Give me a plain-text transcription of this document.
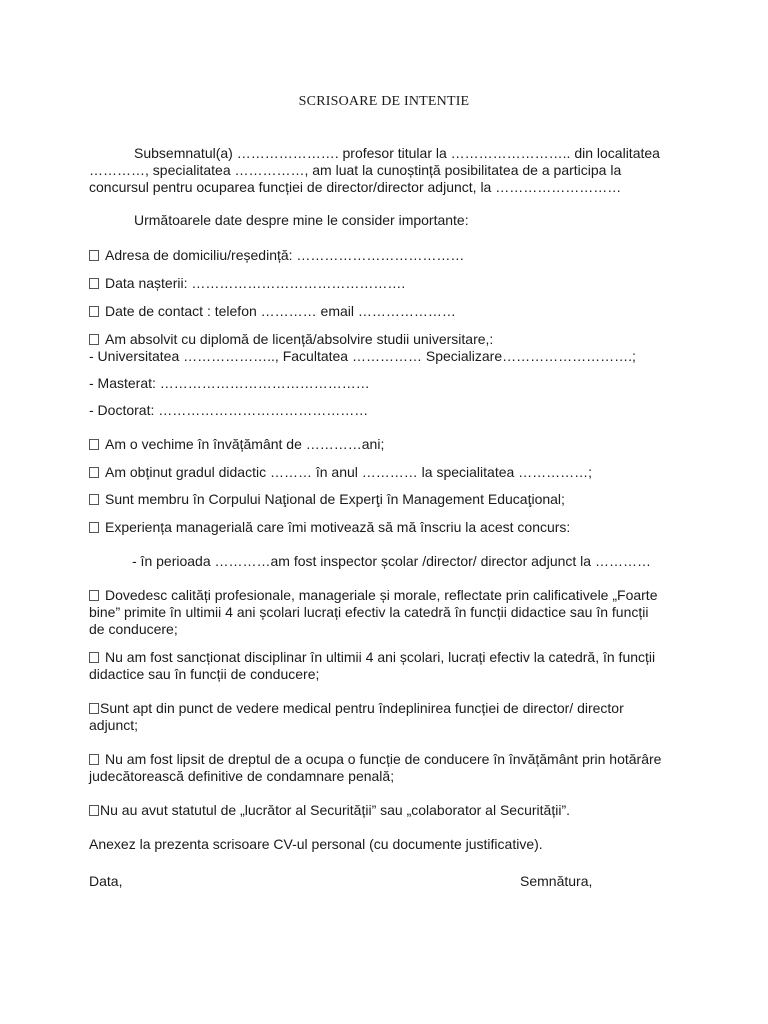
SCRISOARE DE INTENTIE
Subsemnatul(a) …………………. profesor titular la …………………….. din localitatea
…………, specialitatea ……………, am luat la cunoștință posibilitatea de a participa la
concursul pentru ocuparea funcției de director/director adjunct, la ………………………
Următoarele date despre mine le consider importante:
Adresa de domiciliu/reședință: ………………………………
Data nașterii: ……………………………………….
Date de contact : telefon ………… email …………………
Am absolvit cu diplomă de licență/absolvire studii universitare,:
- Universitatea ……………….., Facultatea …………… Specializare……………………….;
- Masterat: ………………………………………
- Doctorat: ………………………………………
Am o vechime în învățământ de …………ani;
Am obținut gradul didactic ……… în anul ………… la specialitatea ……………;
Sunt membru în Corpului Naţional de Experţi în Management Educaţional;
Experiența managerială care îmi motivează să mă înscriu la acest concurs:
- în perioada …………am fost inspector școlar /director/ director adjunct la …………
Dovedesc calități profesionale, manageriale și morale, reflectate prin calificativele „Foarte
bine” primite în ultimii 4 ani școlari lucrați efectiv la catedră în funcții didactice sau în funcții
de conducere;
Nu am fost sancționat disciplinar în ultimii 4 ani școlari, lucrați efectiv la catedră, în funcții
didactice sau în funcții de conducere;
Sunt apt din punct de vedere medical pentru îndeplinirea funcției de director/ director
adjunct;
Nu am fost lipsit de dreptul de a ocupa o funcție de conducere în învățământ prin hotărâre
judecătorească definitive de condamnare penală;
Nu au avut statutul de „lucrător al Securității” sau „colaborator al Securității”.
Anexez la prezenta scrisoare CV-ul personal (cu documente justificative).
Data,	Semnătura,
